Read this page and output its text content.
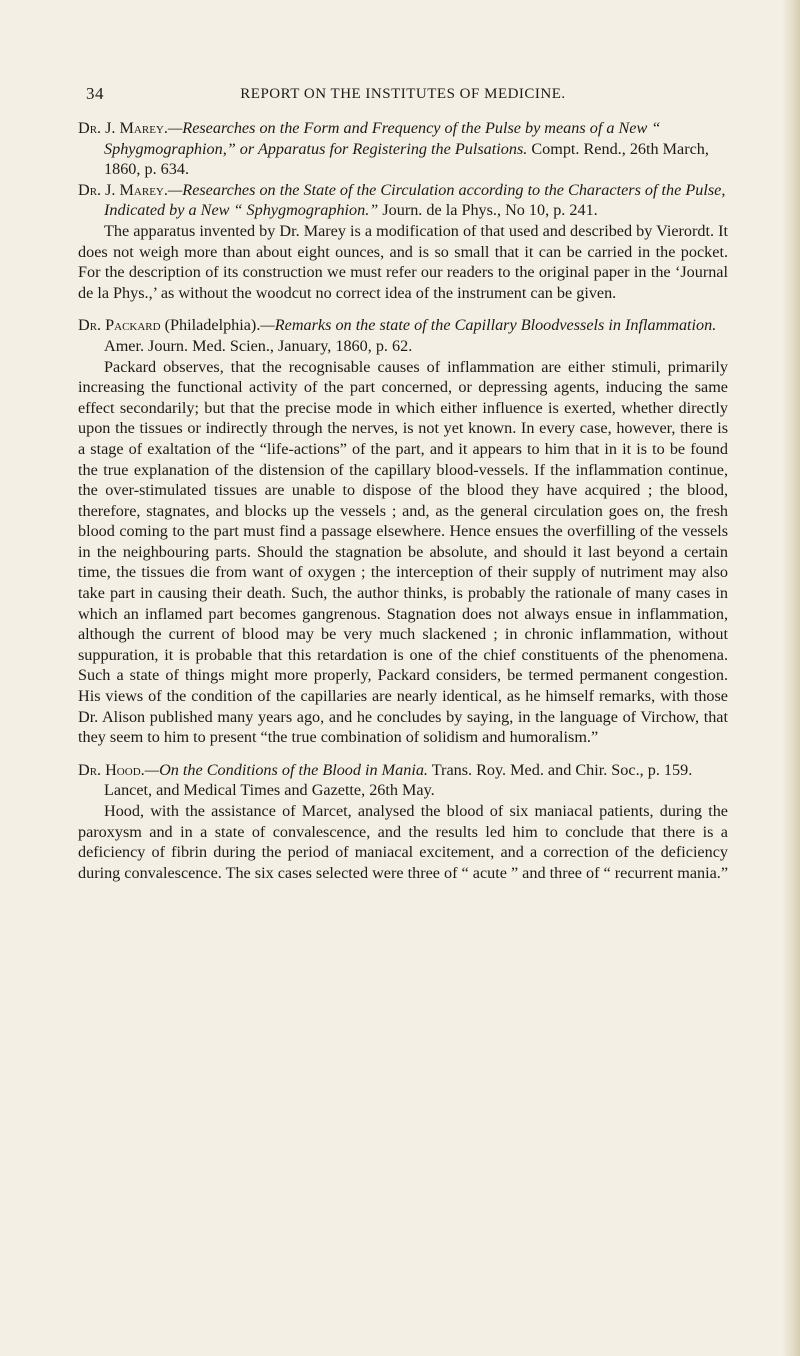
34	REPORT ON THE INSTITUTES OF MEDICINE.

Dr. J. Marey.—Researches on the Form and Frequency of the Pulse by means of a New “ Sphygmographion,” or Apparatus for Registering the Pulsations. Compt. Rend., 26th March, 1860, p. 634.

Dr. J. Marey.—Researches on the State of the Circulation according to the Characters of the Pulse, Indicated by a New “ Sphygmographion.” Journ. de la Phys., No 10, p. 241.

The apparatus invented by Dr. Marey is a modification of that used and described by Vierordt. It does not weigh more than about eight ounces, and is so small that it can be carried in the pocket. For the description of its construction we must refer our readers to the original paper in the ‘Journal de la Phys.,’ as without the woodcut no correct idea of the instrument can be given.

Dr. Packard (Philadelphia).—Remarks on the state of the Capillary Bloodvessels in Inflammation. Amer. Journ. Med. Scien., January, 1860, p. 62.

Packard observes, that the recognisable causes of inflammation are either stimuli, primarily increasing the functional activity of the part concerned, or depressing agents, inducing the same effect secondarily; but that the precise mode in which either influence is exerted, whether directly upon the tissues or indirectly through the nerves, is not yet known. In every case, however, there is a stage of exaltation of the “life-actions” of the part, and it appears to him that in it is to be found the true explanation of the distension of the capillary blood-vessels. If the inflammation continue, the over-stimulated tissues are unable to dispose of the blood they have acquired ; the blood, therefore, stagnates, and blocks up the vessels ; and, as the general circulation goes on, the fresh blood coming to the part must find a passage elsewhere. Hence ensues the overfilling of the vessels in the neighbouring parts. Should the stagnation be absolute, and should it last beyond a certain time, the tissues die from want of oxygen ; the interception of their supply of nutriment may also take part in causing their death. Such, the author thinks, is probably the rationale of many cases in which an inflamed part becomes gangrenous. Stagnation does not always ensue in inflammation, although the current of blood may be very much slackened ; in chronic inflammation, without suppuration, it is probable that this retardation is one of the chief constituents of the phenomena. Such a state of things might more properly, Packard considers, be termed permanent congestion. His views of the condition of the capillaries are nearly identical, as he himself remarks, with those Dr. Alison published many years ago, and he concludes by saying, in the language of Virchow, that they seem to him to present “the true combination of solidism and humoralism.”

Dr. Hood.—On the Conditions of the Blood in Mania. Trans. Roy. Med. and Chir. Soc., p. 159. Lancet, and Medical Times and Gazette, 26th May.

Hood, with the assistance of Marcet, analysed the blood of six maniacal patients, during the paroxysm and in a state of convalescence, and the results led him to conclude that there is a deficiency of fibrin during the period of maniacal excitement, and a correction of the deficiency during convalescence. The six cases selected were three of “ acute ” and three of “ recurrent mania.”
